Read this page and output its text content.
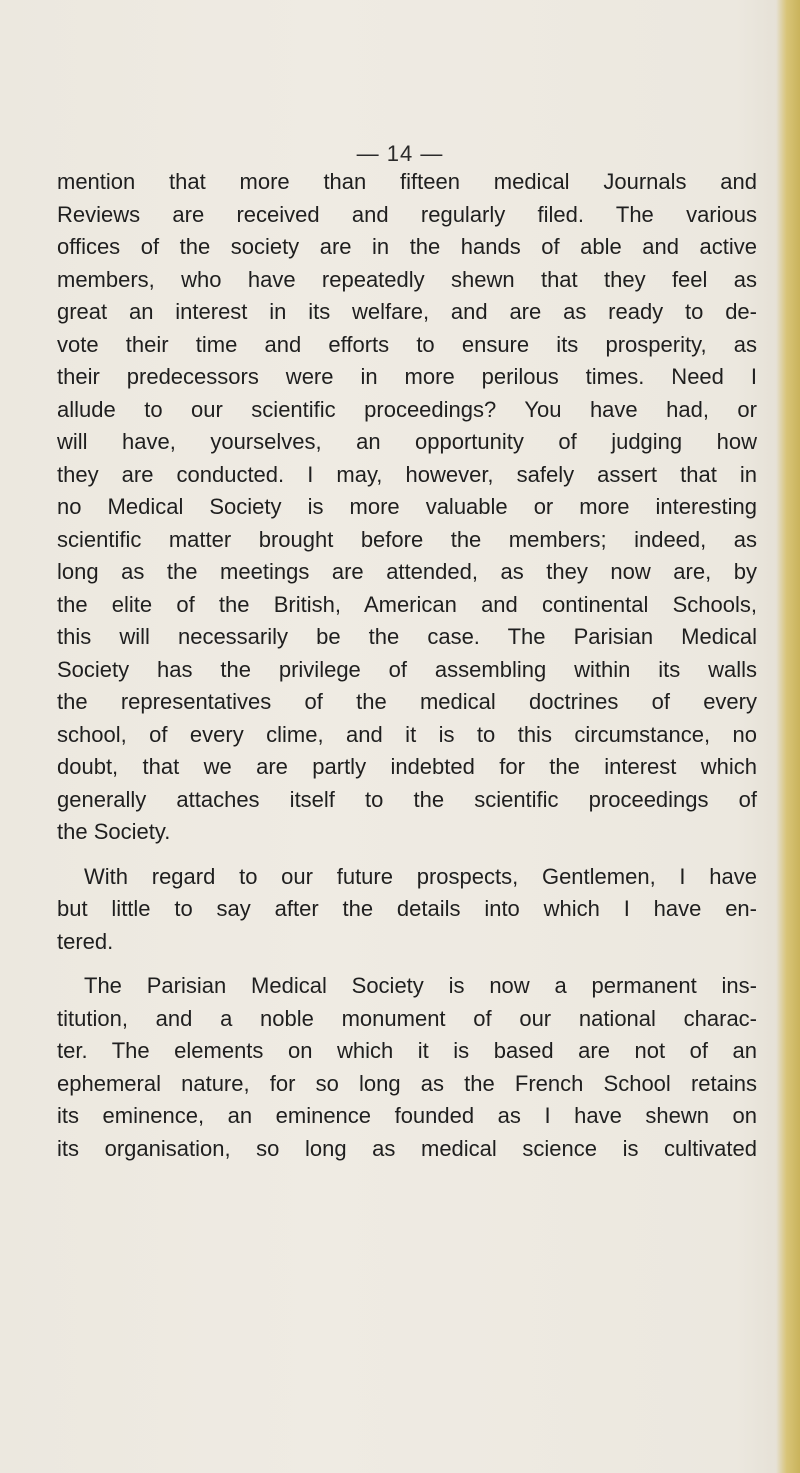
— 14 —
mention that more than fifteen medical Journals and
Reviews are received and regularly filed. The various
offices of the society are in the hands of able and active
members, who have repeatedly shewn that they feel as
great an interest in its welfare, and are as ready to de-
vote their time and efforts to ensure its prosperity, as
their predecessors were in more perilous times. Need I
allude to our scientific proceedings? You have had, or
will have, yourselves, an opportunity of judging how
they are conducted. I may, however, safely assert that in
no Medical Society is more valuable or more interesting
scientific matter brought before the members; indeed, as
long as the meetings are attended, as they now are, by
the elite of the British, American and continental Schools,
this will necessarily be the case. The Parisian Medical
Society has the privilege of assembling within its walls
the representatives of the medical doctrines of every
school, of every clime, and it is to this circumstance, no
doubt, that we are partly indebted for the interest which
generally attaches itself to the scientific proceedings of
the Society.
With regard to our future prospects, Gentlemen, I have
but little to say after the details into which I have en-
tered.
The Parisian Medical Society is now a permanent ins-
titution, and a noble monument of our national charac-
ter. The elements on which it is based are not of an
ephemeral nature, for so long as the French School retains
its eminence, an eminence founded as I have shewn on
its organisation, so long as medical science is cultivated
